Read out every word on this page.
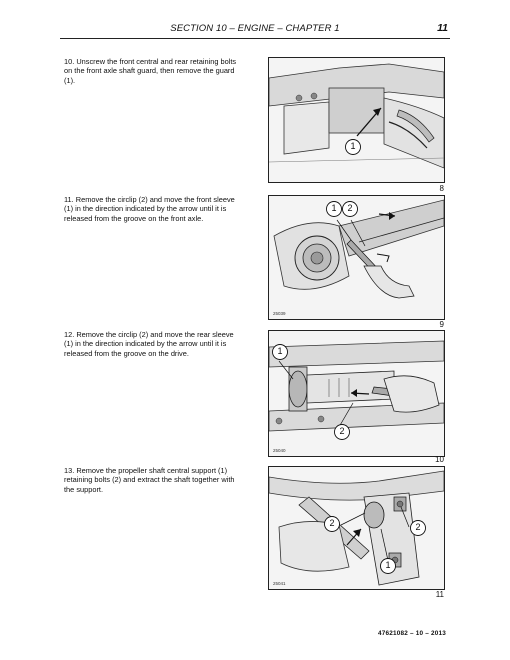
SECTION 10 – ENGINE – CHAPTER 1	11
10. Unscrew the front central and rear retaining bolts on the front axle shaft guard, then remove the guard (1).
1
8
11. Remove the circlip (2) and move the front sleeve (1) in the direction indicated by the arrow until it is released from the groove on the front axle.
1	2
25039
9
12. Remove the circlip (2) and move the rear sleeve (1) in the direction indicated by the arrow until it is released from the groove on the drive.	1
2
25040
10
13. Remove the propeller shaft central support (1) retaining bolts (2) and extract the shaft together with the support.
2	2
1
25041
11
47621082 – 10 – 2013
